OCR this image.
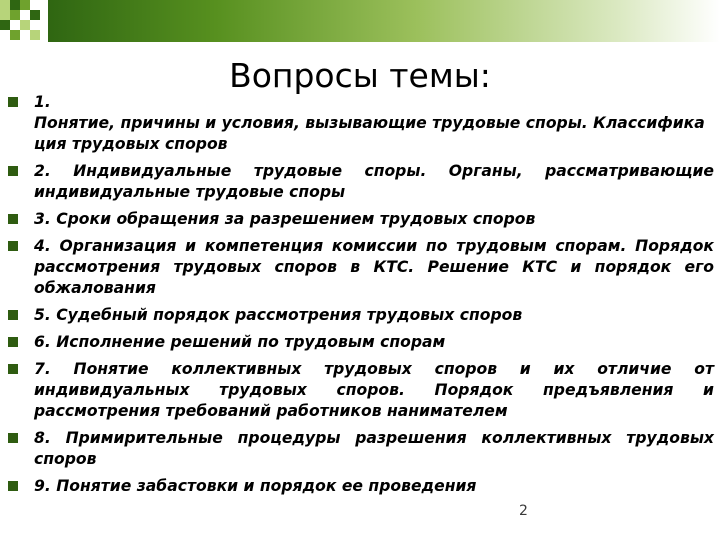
Вопросы темы:
1.
Понятие, причины и условия, вызывающие трудовые споры. Классификация трудовых споров
2. Индивидуальные трудовые споры. Органы, рассматривающие индивидуальные трудовые споры
3. Сроки обращения за разрешением трудовых споров
4. Организация и компетенция комиссии по трудовым спорам. Порядок рассмотрения трудовых споров в КТС. Решение КТС и порядок его обжалования
5. Судебный порядок рассмотрения трудовых споров
6. Исполнение решений по трудовым спорам
7. Понятие коллективных трудовых споров и их отличие от индивидуальных трудовых споров. Порядок предъявления и рассмотрения требований работников нанимателем
8. Примирительные процедуры разрешения коллективных трудовых споров
9. Понятие забастовки и порядок ее проведения
2
